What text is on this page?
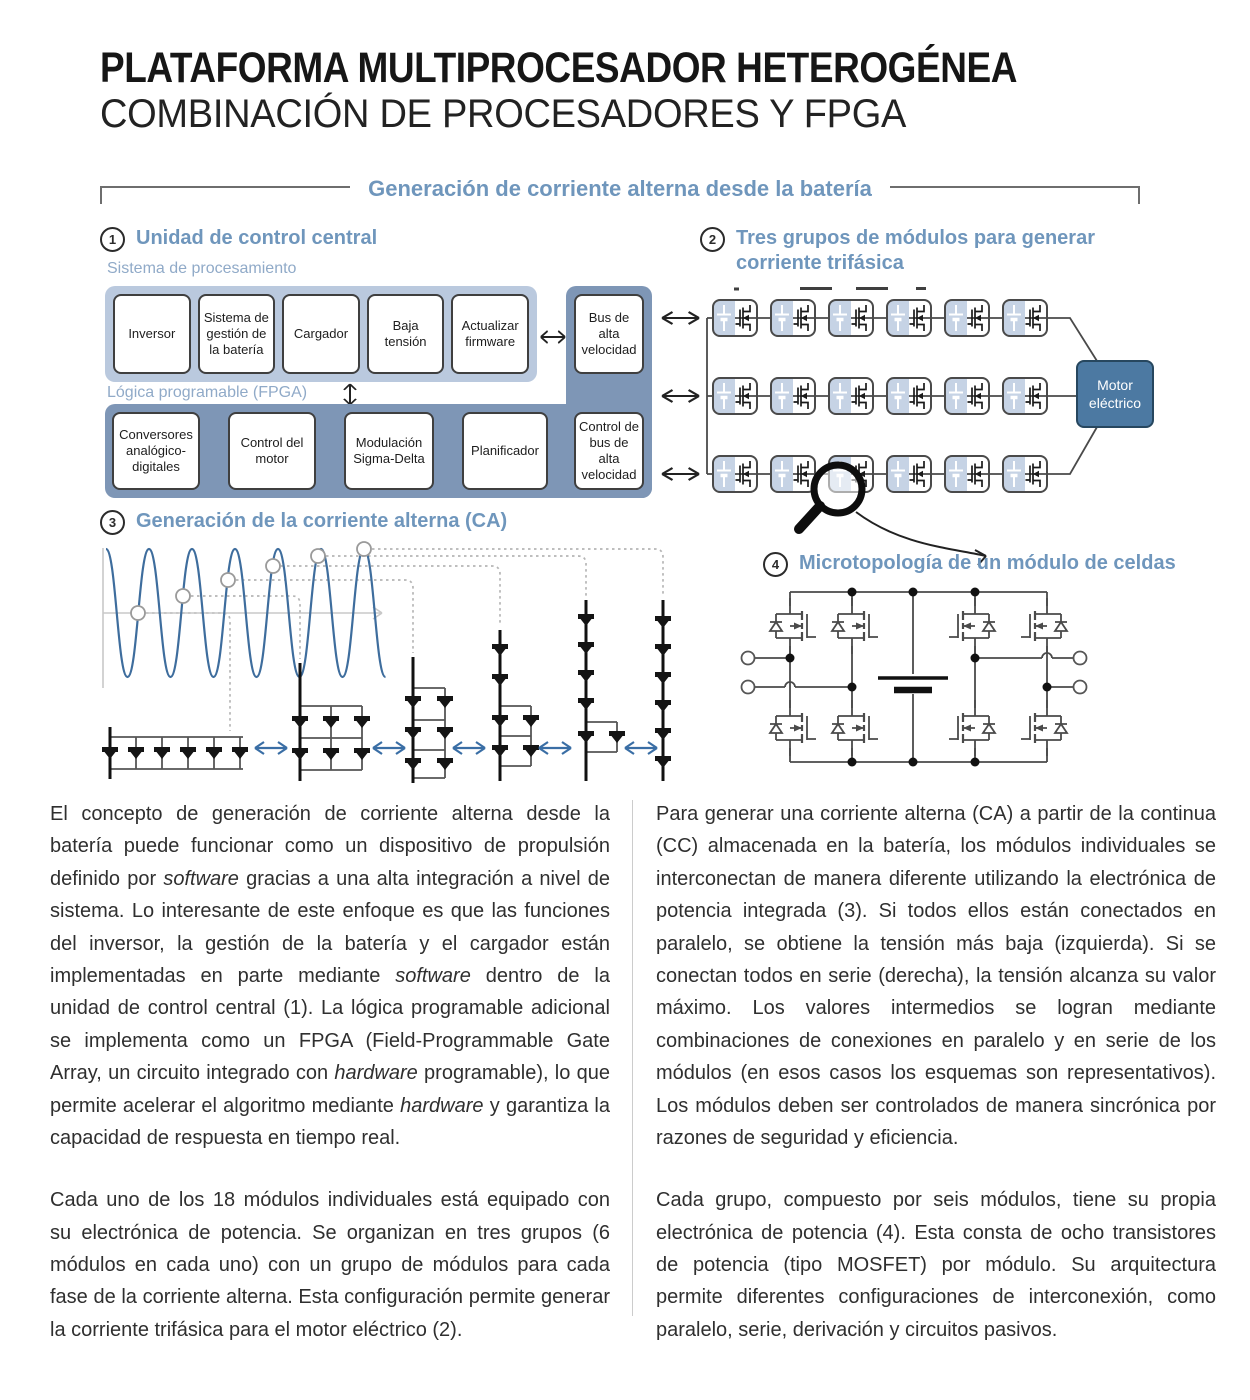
PLATAFORMA MULTIPROCESADOR HETEROGÉNEA
COMBINACIÓN DE PROCESADORES Y FPGA
Generación de corriente alterna desde la batería
1 Unidad de control central
Sistema de procesamiento
Inversor
Sistema de gestión de la batería
Cargador
Baja tensión
Actualizar firmware
Bus de alta velocidad
Lógica programable (FPGA)
Conversores analógico-digitales
Control del motor
Modulación Sigma-Delta
Planificador
Control de bus de alta velocidad
2 Tres grupos de módulos para generar
corriente trifásica
Motor eléctrico
3 Generación de la corriente alterna (CA)
4 Microtopología de un módulo de celdas

El concepto de generación de corriente alterna desde la batería puede funcionar como un dispositivo de propulsión definido por software gracias a una alta integración a nivel de sistema. Lo interesante de este enfoque es que las funciones del inversor, la gestión de la batería y el cargador están implementadas en parte mediante software dentro de la unidad de control central (1). La lógica programable adicional se implementa como un FPGA (Field-Programmable Gate Array, un circuito integrado con hardware programable), lo que permite acelerar el algoritmo mediante hardware y garantiza la capacidad de respuesta en tiempo real.

Cada uno de los 18 módulos individuales está equipado con su electrónica de potencia. Se organizan en tres grupos (6 módulos en cada uno) con un grupo de módulos para cada fase de la corriente alterna. Esta configuración permite generar la corriente trifásica para el motor eléctrico (2).

Para generar una corriente alterna (CA) a partir de la continua (CC) almacenada en la batería, los módulos individuales se interconectan de manera diferente utilizando la electrónica de potencia integrada (3). Si todos ellos están conectados en paralelo, se obtiene la tensión más baja (izquierda). Si se conectan todos en serie (derecha), la tensión alcanza su valor máximo. Los valores intermedios se logran mediante combinaciones de conexiones en paralelo y en serie de los módulos (en esos casos los esquemas son representativos). Los módulos deben ser controlados de manera sincrónica por razones de seguridad y eficiencia.

Cada grupo, compuesto por seis módulos, tiene su propia electrónica de potencia (4). Esta consta de ocho transistores de potencia (tipo MOSFET) por módulo. Su arquitectura permite diferentes configuraciones de interconexión, como paralelo, serie, derivación y circuitos pasivos.
